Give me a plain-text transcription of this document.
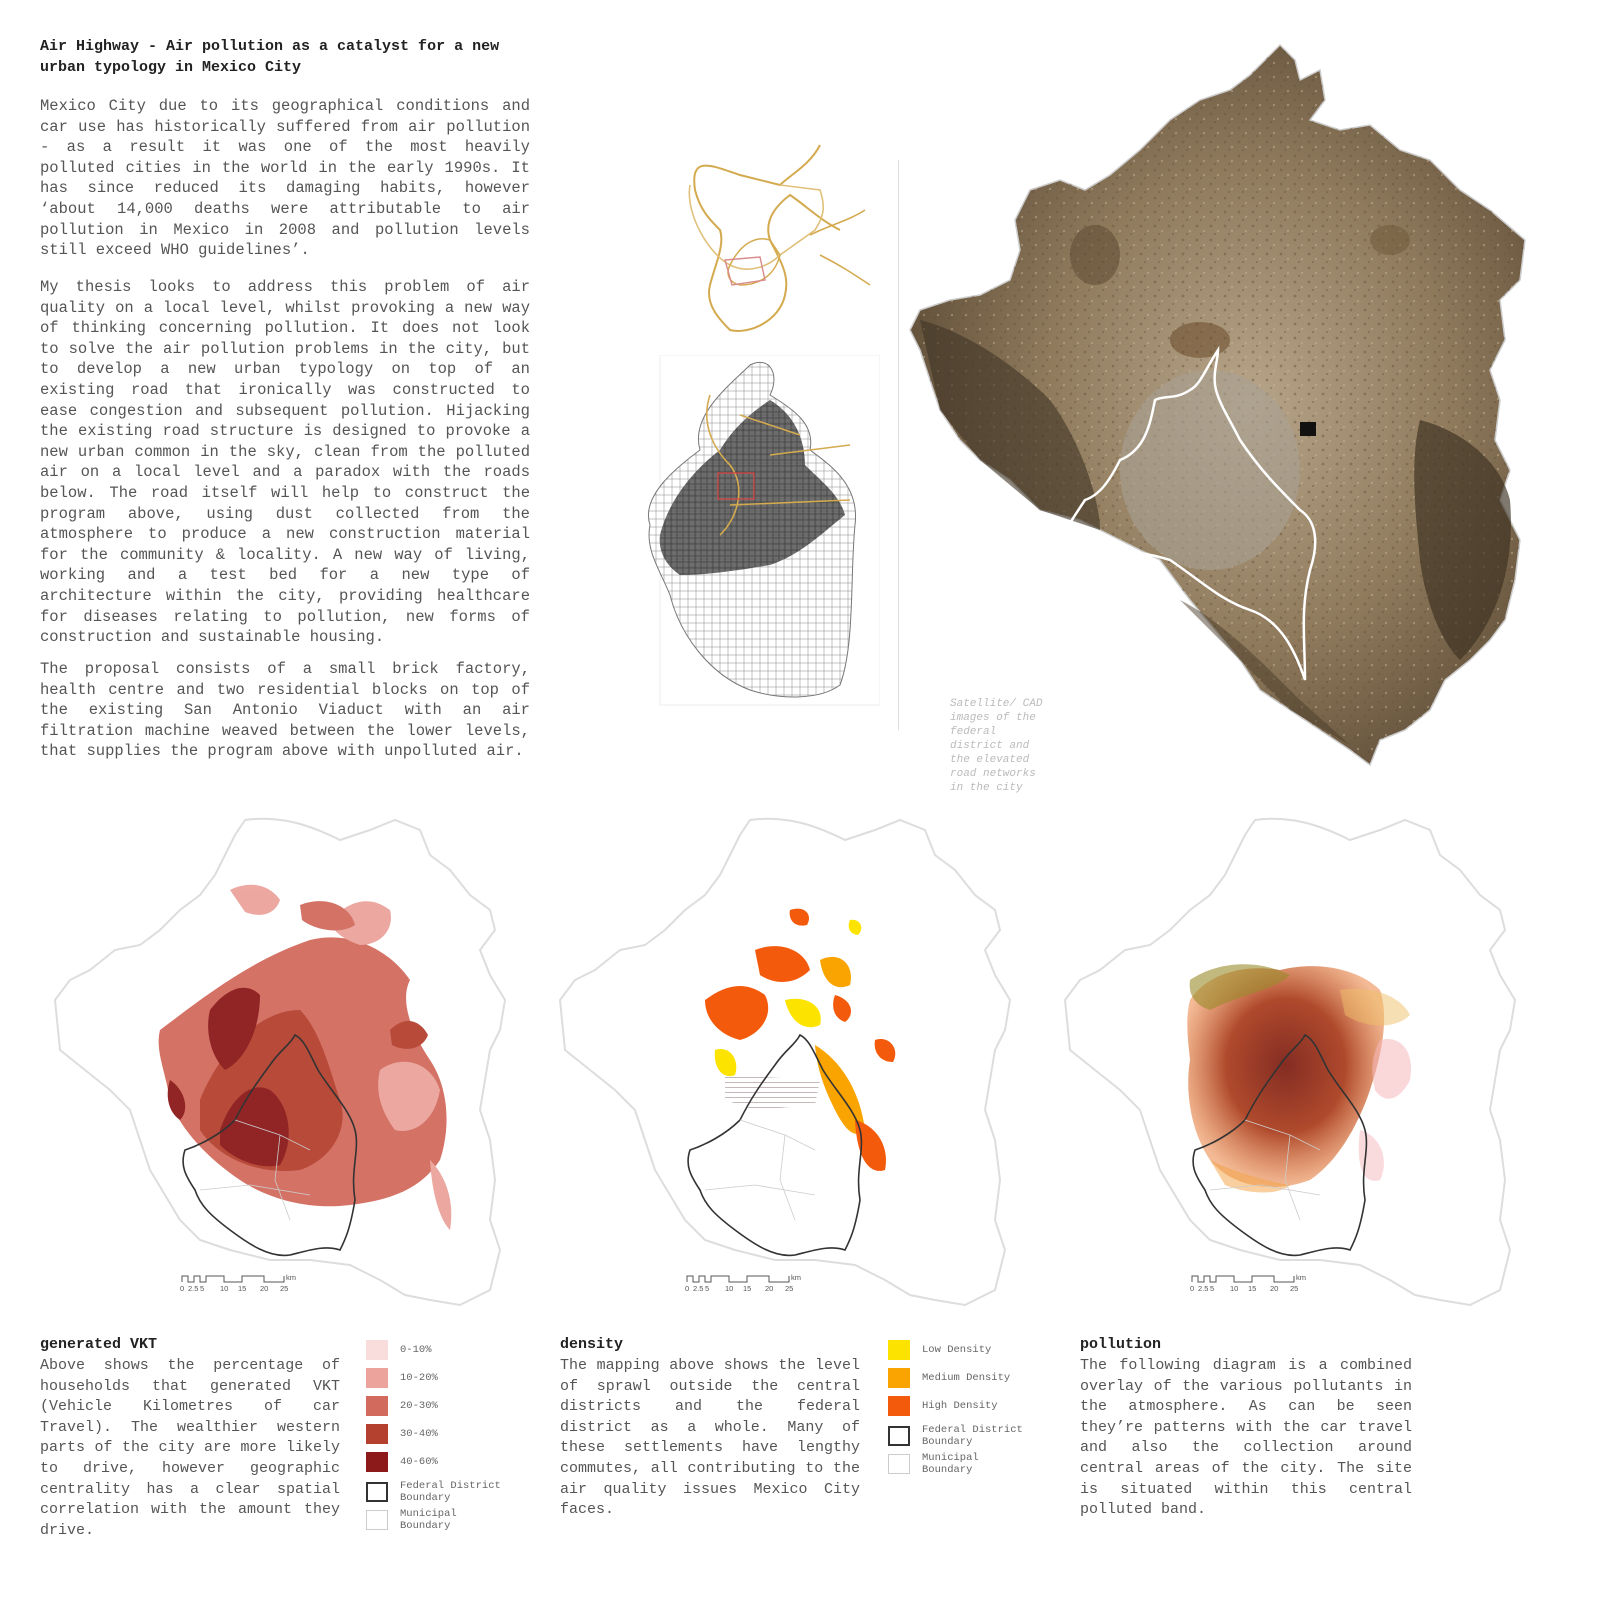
Air Highway - Air pollution as a catalyst for a new urban typology in Mexico City
Mexico City due to its geographical conditions and car use has historically suffered from air pollution - as a result it was one of the most heavily polluted cities in the world in the early 1990s. It has since reduced its damaging habits, however ‘about 14,000 deaths were attributable to air pollution in Mexico in 2008 and pollution levels still exceed WHO guidelines’.
My thesis looks to address this problem of air quality on a local level, whilst provoking a new way of thinking concerning pollution. It does not look to solve the air pollution problems in the city, but to develop a new urban typology on top of an existing road that ironically was constructed to ease congestion and subsequent pollution. Hijacking the existing road structure is designed to provoke a new urban common in the sky, clean from the polluted air on a local level and a paradox with the roads below. The road itself will help to construct the program above, using dust collected from the atmosphere to produce a new construction material for the community & locality. A new way of living, working and a test bed for a new type of architecture within the city, providing healthcare for diseases relating to pollution, new forms of construction and sustainable housing.
The proposal consists of a small brick factory, health centre and two residential blocks on top of the existing San Antonio Viaduct with an air filtration machine weaved between the lower levels, that supplies the program above with unpolluted air.
Satellite/ CAD images of the federal district and the elevated road networks in the city
0 2.5 5 10 15 20 25
km
0 2.5 5 10 15 20 25
km
0 2.5 5 10 15 20 25
km
generated VKT
Above shows the percentage of households that generated VKT (Vehicle Kilometres of car Travel). The wealthier western parts of the city are more likely to drive, however geographic centrality has a clear spatial correlation with the amount they drive.
0-10%
10-20%
20-30%
30-40%
40-60%
Federal District Boundary
Municipal Boundary
density
The mapping above shows the level of sprawl outside the central districts and the federal district as a whole. Many of these settlements have lengthy commutes, all contributing to the air quality issues Mexico City faces.
Low Density
Medium Density
High Density
Federal District Boundary
Municipal Boundary
pollution
The following diagram is a combined overlay of the various pollutants in the atmosphere. As can be seen they’re patterns with the car travel and also the collection around central areas of the city. The site is situated within this central polluted band.
